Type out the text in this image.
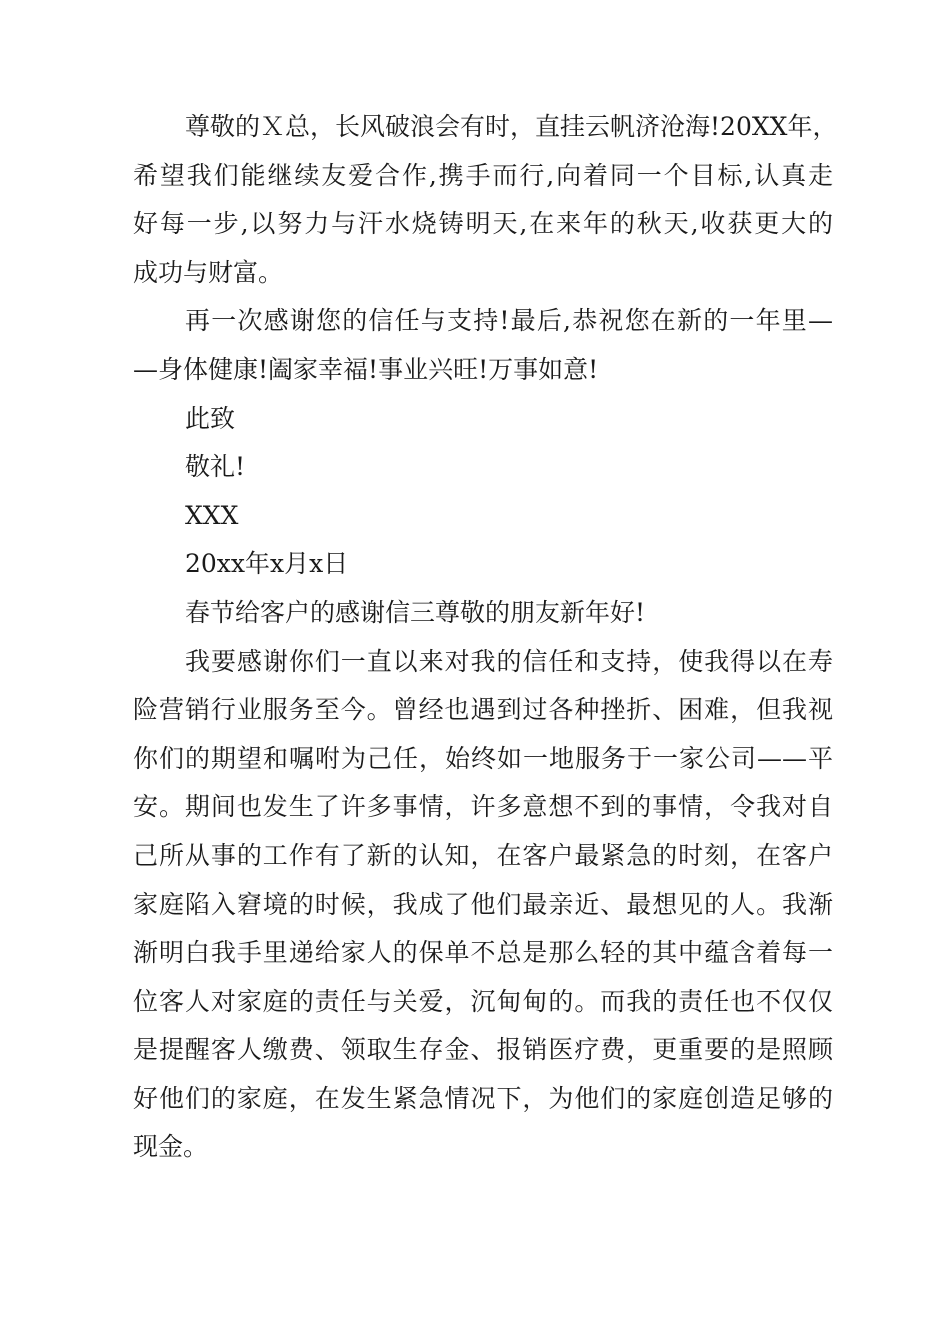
尊敬的Ｘ总，长风破浪会有时，直挂云帆济沧海!20XX年，
希望我们能继续友爱合作,携手而行,向着同一个目标,认真走
好每一步,以努力与汗水烧铸明天,在来年的秋天,收获更大的
成功与财富。
再一次感谢您的信任与支持!最后,恭祝您在新的一年里—
—身体健康!阖家幸福!事业兴旺!万事如意!
此致
敬礼!
XXX
20xx年x月x日
春节给客户的感谢信三尊敬的朋友新年好!
我要感谢你们一直以来对我的信任和支持，使我得以在寿
险营销行业服务至今。曾经也遇到过各种挫折、困难，但我视
你们的期望和嘱咐为己任，始终如一地服务于一家公司——平
安。期间也发生了许多事情，许多意想不到的事情，令我对自
己所从事的工作有了新的认知，在客户最紧急的时刻，在客户
家庭陷入窘境的时候，我成了他们最亲近、最想见的人。我渐
渐明白我手里递给家人的保单不总是那么轻的其中蕴含着每一
位客人对家庭的责任与关爱，沉甸甸的。而我的责任也不仅仅
是提醒客人缴费、领取生存金、报销医疗费，更重要的是照顾
好他们的家庭，在发生紧急情况下，为他们的家庭创造足够的
现金。
